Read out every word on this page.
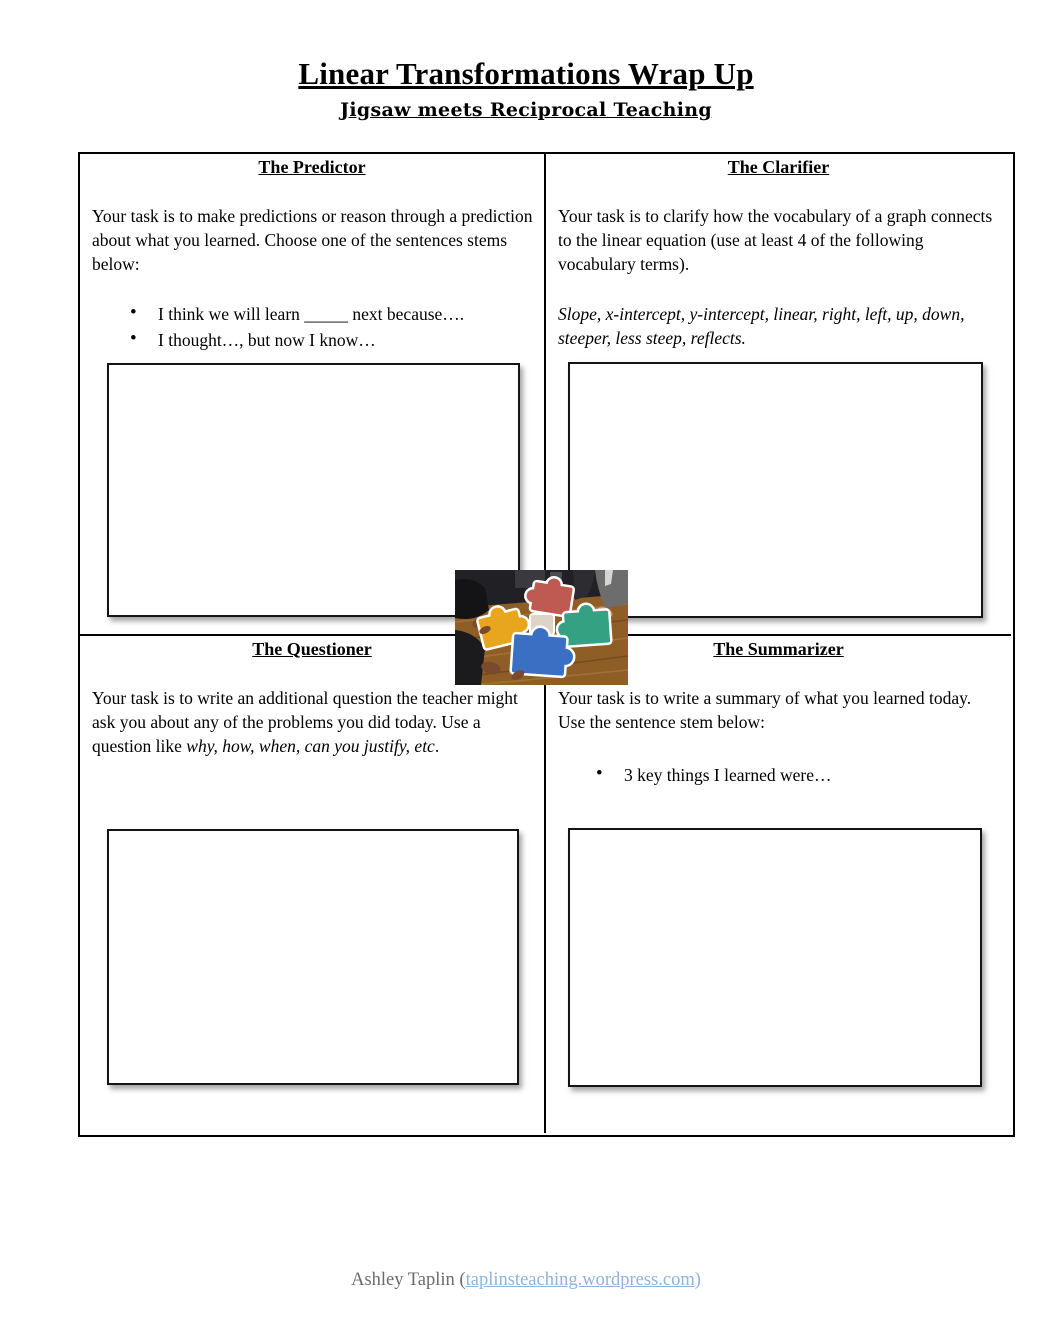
Linear Transformations Wrap Up
Jigsaw meets Reciprocal Teaching
The Predictor

Your task is to make predictions or reason through a prediction about what you learned. Choose one of the sentences stems below:

• I think we will learn _____ next because….
• I thought…, but now I know…
The Clarifier

Your task is to clarify how the vocabulary of a graph connects to the linear equation (use at least 4 of the following vocabulary terms).

Slope, x-intercept, y-intercept, linear, right, left, up, down, steeper, less steep, reflects.

The Questioner

Your task is to write an additional question the teacher might ask you about any of the problems you did today. Use a question like why, how, when, can you justify, etc.

The Summarizer

Your task is to write a summary of what you learned today. Use the sentence stem below:

• 3 key things I learned were…
Ashley Taplin (taplinsteaching.wordpress.com)
